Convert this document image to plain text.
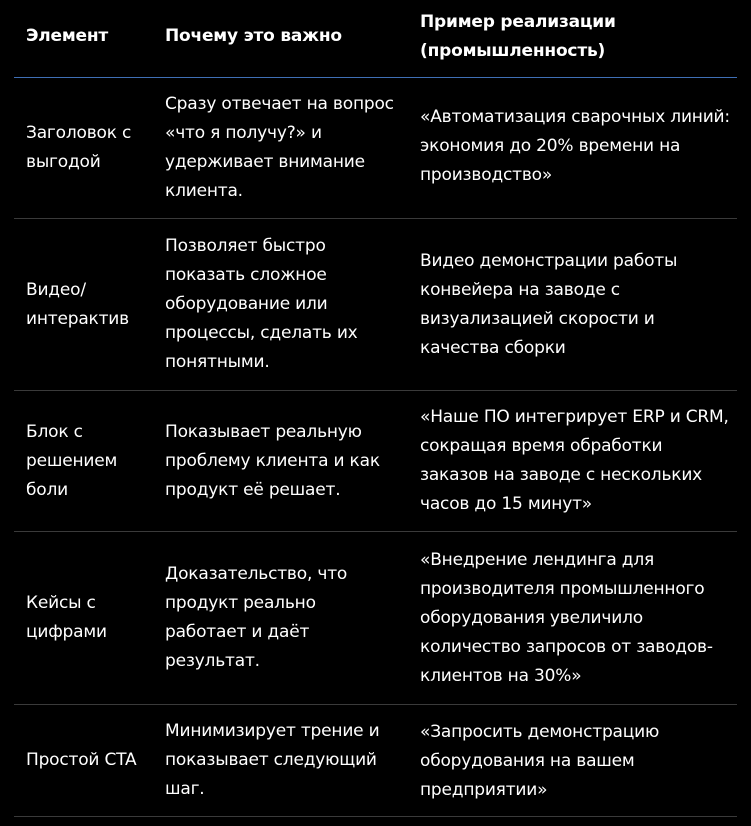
Элемент	Почему это важно
Пример реализации (промышленность)
Заголовок с выгодой
Сразу отвечает на вопрос «что я получу?» и удерживает внимание клиента.
«Автоматизация сварочных линий: экономия до 20% времени на производство»
Видео/ интерактив
Позволяет быстро показать сложное оборудование или процессы, сделать их понятными.
Видео демонстрации работы конвейера на заводе с визуализацией скорости и качества сборки
Блок с решением боли
Показывает реальную проблему клиента и как продукт её решает.
«Наше ПО интегрирует ERP и CRM, сокращая время обработки заказов на заводе с нескольких часов до 15 минут»
Кейсы с цифрами
Доказательство, что продукт реально работает и даёт результат.
«Внедрение лендинга для производителя промышленного оборудования увеличило количество запросов от заводов-клиентов на 30%»
Простой CTA
Минимизирует трение и показывает следующий шаг.
«Запросить демонстрацию оборудования на вашем предприятии»
